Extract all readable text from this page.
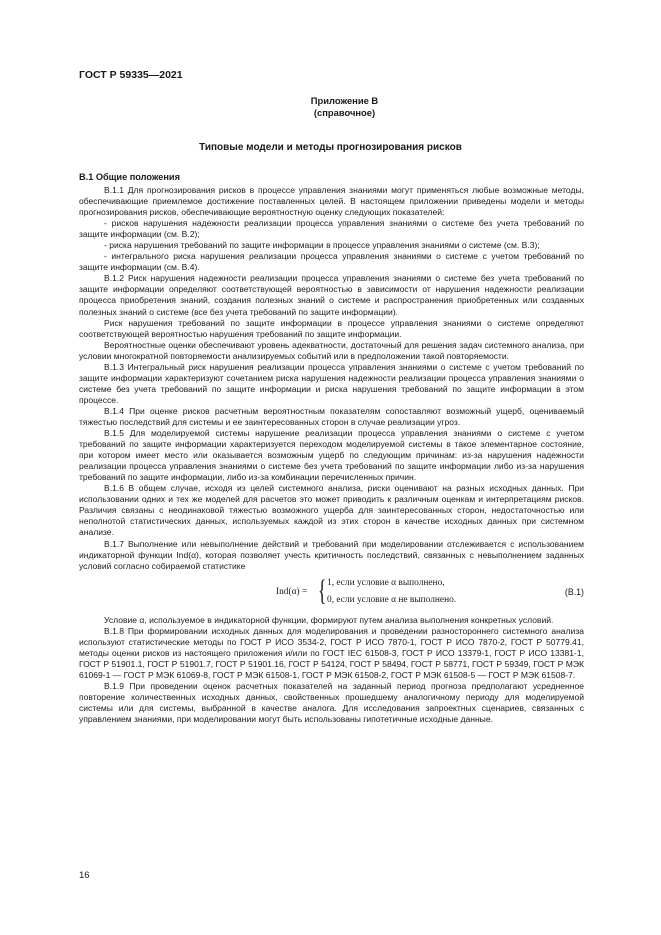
ГОСТ Р 59335—2021
Приложение В
(справочное)
Типовые модели и методы прогнозирования рисков
В.1 Общие положения

В.1.1 Для прогнозирования рисков в процессе управления знаниями могут применяться любые возможные методы, обеспечивающие приемлемое достижение поставленных целей. В настоящем приложении приведены модели и методы прогнозирования рисков, обеспечивающие вероятностную оценку следующих показателей:

- рисков нарушения надежности реализации процесса управления знаниями о системе без учета требований по защите информации (см. В.2);

- риска нарушения требований по защите информации в процессе управления знаниями о системе (см. В.3);

- интегрального риска нарушения реализации процесса управления знаниями о системе с учетом требований по защите информации (см. В.4).

В.1.2 Риск нарушения надежности реализации процесса управления знаниями о системе без учета требований по защите информации определяют соответствующей вероятностью в зависимости от нарушения надежности реализации процесса приобретения знаний, создания полезных знаний о системе и распространения приобретенных или созданных полезных знаний о системе (все без учета требований по защите информации).

Риск нарушения требований по защите информации в процессе управления знаниями о системе определяют соответствующей вероятностью нарушения требований по защите информации.

Вероятностные оценки обеспечивают уровень адекватности, достаточный для решения задач системного анализа, при условии многократной повторяемости анализируемых событий или в предположении такой повторяемости.

В.1.3 Интегральный риск нарушения реализации процесса управления знаниями о системе с учетом требований по защите информации характеризуют сочетанием риска нарушения надежности реализации процесса управления знаниями о системе без учета требований по защите информации и риска нарушения требований по защите информации в этом процессе.

В.1.4 При оценке рисков расчетным вероятностным показателям сопоставляют возможный ущерб, оцениваемый тяжестью последствий для системы и ее заинтересованных сторон в случае реализации угроз.

В.1.5 Для моделируемой системы нарушение реализации процесса управления знаниями о системе с учетом требований по защите информации характеризуется переходом моделируемой системы в такое элементарное состояние, при котором имеет место или оказывается возможным ущерб по следующим причинам: из-за нарушения надежности реализации процесса управления знаниями о системе без учета требований по защите информации либо из-за нарушения требований по защите информации, либо из-за комбинации перечисленных причин.

В.1.6 В общем случае, исходя из целей системного анализа, риски оценивают на разных исходных данных. При использовании одних и тех же моделей для расчетов это может приводить к различным оценкам и интерпретациям рисков. Различия связаны с неодинаковой тяжестью возможного ущерба для заинтересованных сторон, недостаточностью или неполнотой статистических данных, используемых каждой из этих сторон в качестве исходных данных при системном анализе.

В.1.7 Выполнение или невыполнение действий и требований при моделировании отслеживается с использованием индикаторной функции Ind(α), которая позволяет учесть критичность последствий, связанных с невыполнением заданных условий согласно собираемой статистике

Ind(α) = { 1, если условие α выполнено,
0, если условие α не выполнено.
(В.1)

Условие α, используемое в индикаторной функции, формируют путем анализа выполнения конкретных условий.

В.1.8 При формировании исходных данных для моделирования и проведении разностороннего системного анализа используют статистические методы по ГОСТ Р ИСО 3534-2, ГОСТ Р ИСО 7870-1, ГОСТ Р ИСО 7870-2, ГОСТ Р 50779.41, методы оценки рисков из настоящего приложения и/или по ГОСТ IEC 61508-3, ГОСТ Р ИСО 13379-1, ГОСТ Р ИСО 13381-1, ГОСТ Р 51901.1, ГОСТ Р 51901.7, ГОСТ Р 51901.16, ГОСТ Р 54124, ГОСТ Р 58494, ГОСТ Р 58771, ГОСТ Р 59349, ГОСТ Р МЭК 61069-1 — ГОСТ Р МЭК 61069-8, ГОСТ Р МЭК 61508-1, ГОСТ Р МЭК 61508-2, ГОСТ Р МЭК 61508-5 — ГОСТ Р МЭК 61508-7.

В.1.9 При проведении оценок расчетных показателей на заданный период прогноза предполагают усредненное повторение количественных исходных данных, свойственных прошедшему аналогичному периоду для моделируемой системы или для системы, выбранной в качестве аналога. Для исследования запроектных сценариев, связанных с управлением знаниями, при моделировании могут быть использованы гипотетичные исходные данные.

16
